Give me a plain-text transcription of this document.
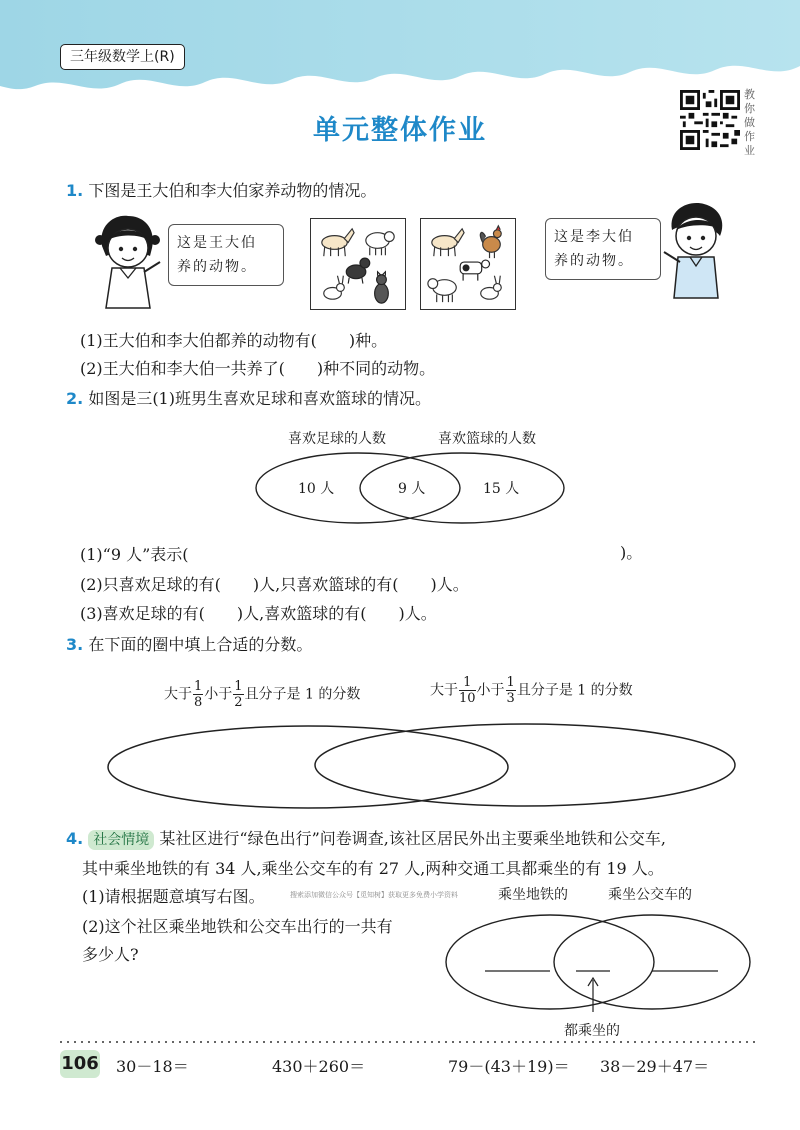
三年级数学上(R)
单元整体作业
教你做作业
1. 下图是王大伯和李大伯家养动物的情况。
这是王大伯
养的动物。
这是李大伯
养的动物。
(1)王大伯和李大伯都养的动物有(　　)种。
(2)王大伯和李大伯一共养了(　　)种不同的动物。
2. 如图是三(1)班男生喜欢足球和喜欢篮球的情况。
喜欢足球的人数	喜欢篮球的人数
10 人	9 人	15 人
(1)“9 人”表示(	)。
(2)只喜欢足球的有(　　)人,只喜欢篮球的有(　　)人。
(3)喜欢足球的有(　　)人,喜欢篮球的有(　　)人。
3. 在下面的圈中填上合适的分数。
大于 $\frac{1}{8}$ 小于 $\frac{1}{2}$ 且分子是 1 的分数	大于 $\frac{1}{10}$ 小于 $\frac{1}{3}$ 且分子是 1 的分数
4. 社会情境 某社区进行“绿色出行”问卷调查,该社区居民外出主要乘坐地铁和公交车,
其中乘坐地铁的有 34 人,乘坐公交车的有 27 人,两种交通工具都乘坐的有 19 人。
(1)请根据题意填写右图。	搜索添加微信公众号【觅知树】获取更多免费小学资料
(2)这个社区乘坐地铁和公交车出行的一共有
多少人?
乘坐地铁的	乘坐公交车的
都乘坐的
106 30－18＝	430＋260＝	79－(43＋19)＝ 38－29＋47＝
